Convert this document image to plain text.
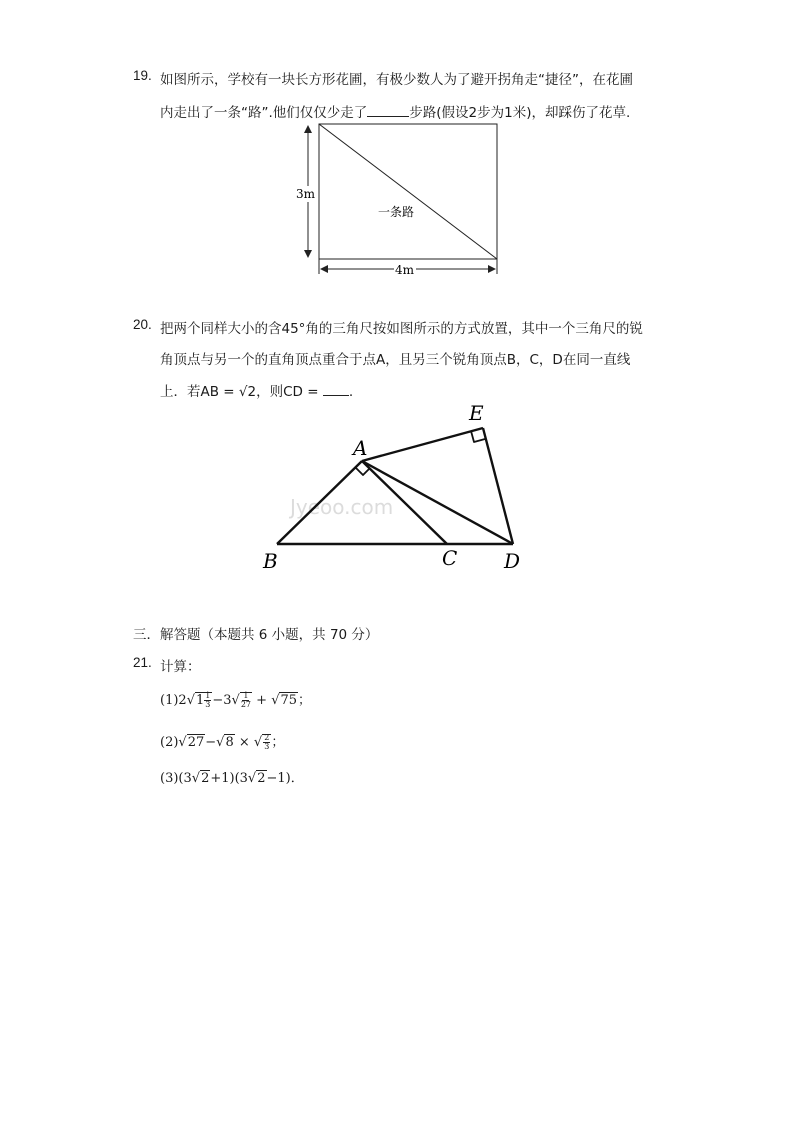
19. 如图所示，学校有一块长方形花圃，有极少数人为了避开拐角走“捷径”，在花圃
内走出了一条“路”.他们仅仅少走了	步路(假设2步为1米)，却踩伤了花草.
3m
4m
一条路
20. 把两个同样大小的含45°角的三角尺按如图所示的方式放置，其中一个三角尺的锐
角顶点与另一个的直角顶点重合于点A，且另三个锐角顶点B，C，D在同一直线
上．若AB = √2，则CD = .
Jyeoo.com
A
E
B	C D
三．解答题（本题共 6 小题，共 70 分）
21. 计算：
$(1)2√1 \frac{1}{3} -3√ \frac{1}{27} + √75$；
(2)√27−√8 × √ $\frac{2}{3}$ ；
(3)(3√2+1)(3√2−1)．
